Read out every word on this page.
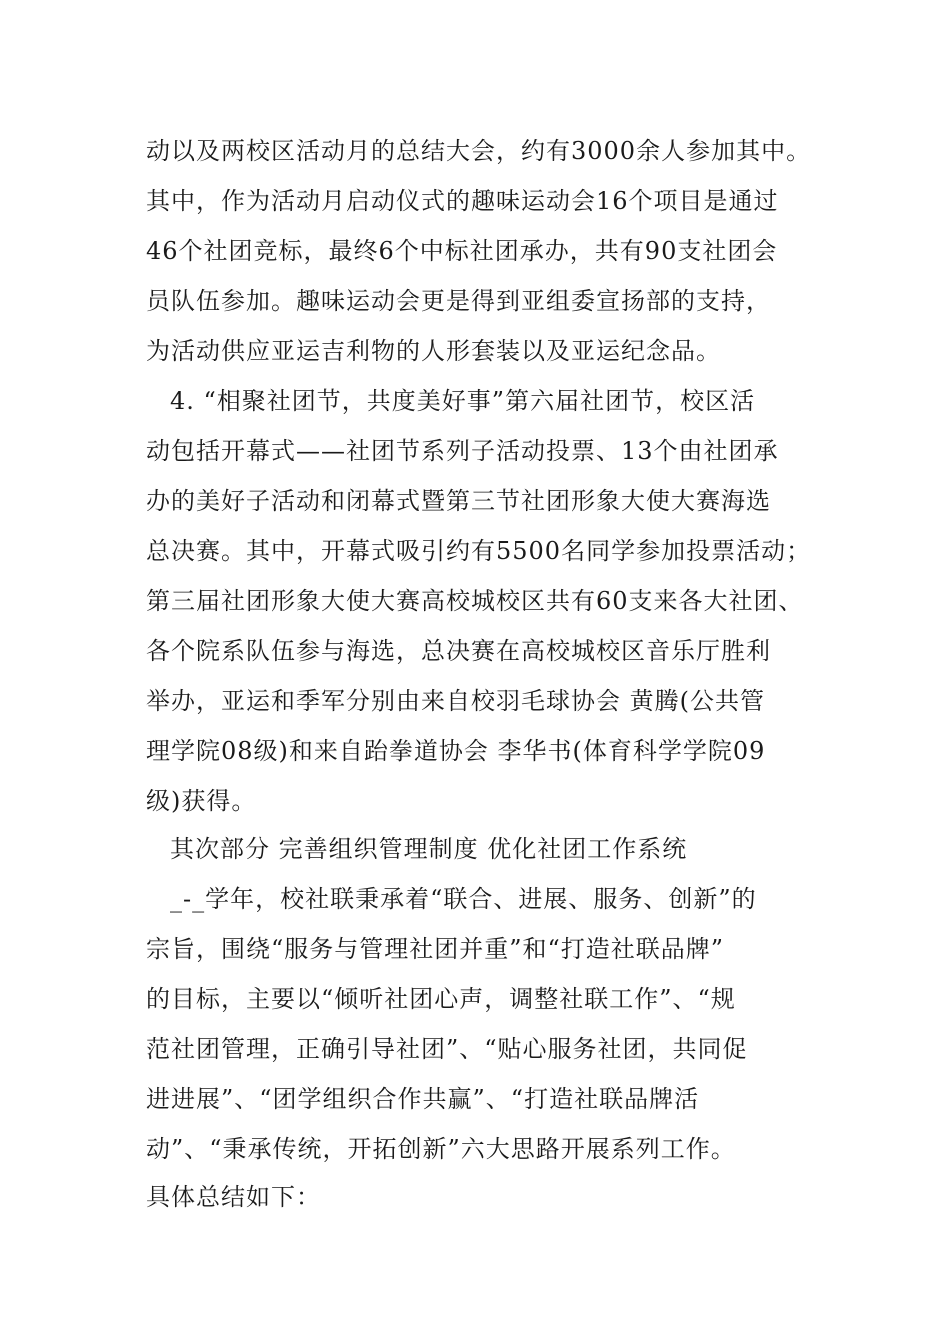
动以及两校区活动月的总结大会，约有3000余人参加其中。
其中，作为活动月启动仪式的趣味运动会16个项目是通过
46个社团竞标，最终6个中标社团承办，共有90支社团会
员队伍参加。趣味运动会更是得到亚组委宣扬部的支持，
为活动供应亚运吉利物的人形套装以及亚运纪念品。
4. “相聚社团节，共度美好事”第六届社团节，校区活
动包括开幕式——社团节系列子活动投票、13个由社团承
办的美好子活动和闭幕式暨第三节社团形象大使大赛海选
总决赛。其中，开幕式吸引约有5500名同学参加投票活动；
第三届社团形象大使大赛高校城校区共有60支来各大社团、
各个院系队伍参与海选，总决赛在高校城校区音乐厅胜利
举办，亚运和季军分别由来自校羽毛球协会 黄腾(公共管
理学院08级)和来自跆拳道协会 李华书(体育科学学院09
级)获得。
其次部分 完善组织管理制度 优化社团工作系统
_-_学年，校社联秉承着“联合、进展、服务、创新”的
宗旨，围绕“服务与管理社团并重”和“打造社联品牌”
的目标，主要以“倾听社团心声，调整社联工作”、“规
范社团管理，正确引导社团”、“贴心服务社团，共同促
进进展”、“团学组织合作共赢”、“打造社联品牌活
动”、“秉承传统，开拓创新”六大思路开展系列工作。
具体总结如下：
